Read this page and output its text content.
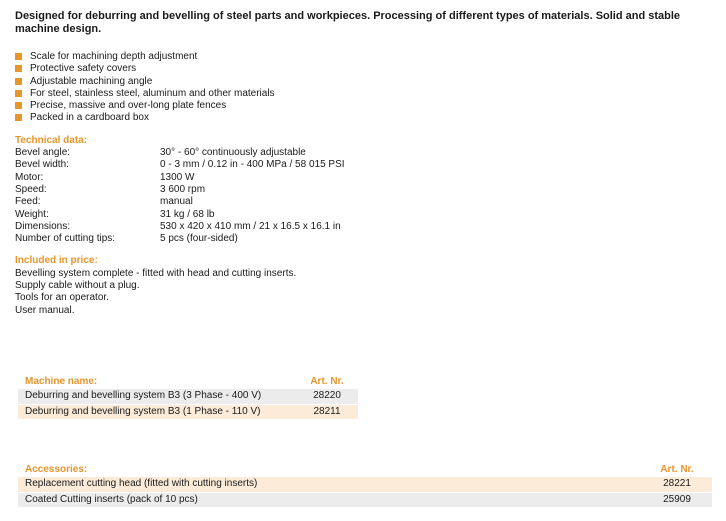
Designed for deburring and bevelling of steel parts and workpieces. Processing of different types of materials. Solid and stable machine design.

Scale for machining depth adjustment
Protective safety covers
Adjustable machining angle
For steel, stainless steel, aluminum and other materials
Precise, massive and over-long plate fences
Packed in a cardboard box
Technical data:
Bevel angle:	30° - 60° continuously adjustable
Bevel width:	0 - 3 mm / 0.12 in - 400 MPa / 58 015 PSI
Motor:	1300 W
Speed:	3 600 rpm
Feed:	manual
Weight:	31 kg / 68 lb
Dimensions:	530 x 420 x 410 mm / 21 x 16.5 x 16.1 in
Number of cutting tips:	5 pcs (four-sided)
Included in price:
Bevelling system complete - fitted with head and cutting inserts.
Supply cable without a plug.
Tools for an operator.
User manual.
Machine name:	Art. Nr.
Deburring and bevelling system B3 (3 Phase - 400 V)	28220
Deburring and bevelling system B3 (1 Phase - 110 V)	28211
Accessories:	Art. Nr.
Replacement cutting head (fitted with cutting inserts)	28221
Coated Cutting inserts (pack of 10 pcs)	25909
